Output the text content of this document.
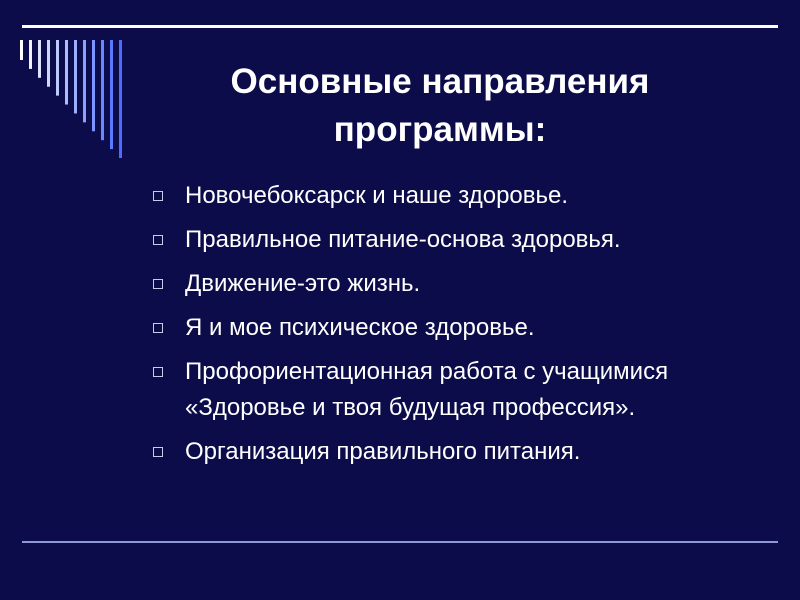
Основные направления программы:
Новочебоксарск и наше здоровье.
Правильное питание-основа здоровья.
Движение-это жизнь.
Я и мое психическое здоровье.
Профориентационная работа с учащимися «Здоровье и твоя будущая профессия».
Организация правильного питания.
